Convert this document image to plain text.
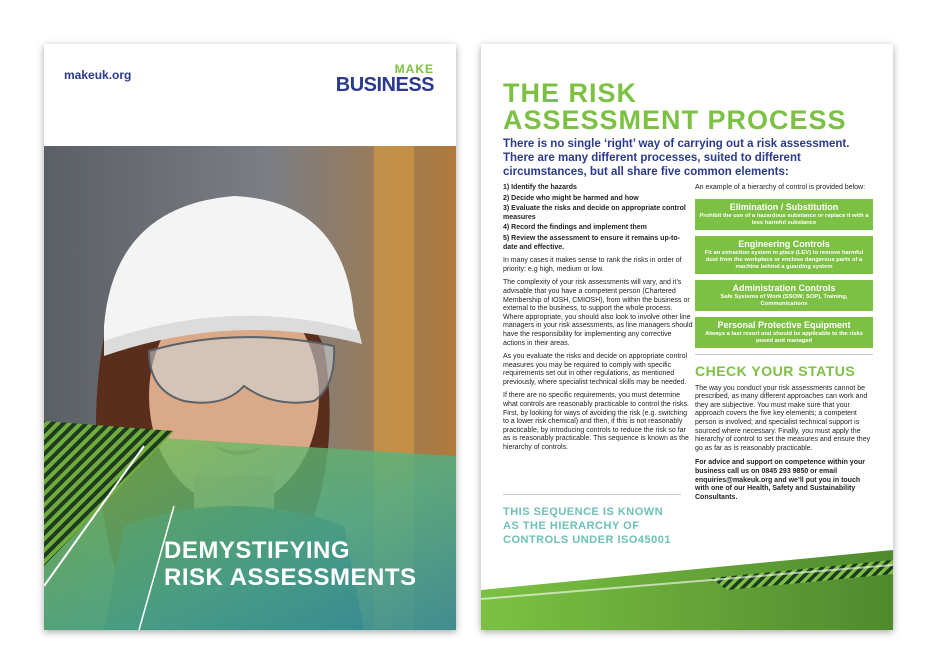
makeuk.org	MAKE
BUSINESS
DEMYSTIFYING
RISK ASSESSMENTS
THE RISK
ASSESSMENT PROCESS
There is no single ‘right’ way of carrying out a risk assessment. There are many different processes, suited to different circumstances, but all share five common elements:
1) Identify the hazards
2) Decide who might be harmed and how
3) Evaluate the risks and decide on appropriate control measures
4) Record the findings and implement them
5) Review the assessment to ensure it remains up-to-date and effective.

In many cases it makes sense to rank the risks in order of priority: e.g high, medium or low.

The complexity of your risk assessments will vary, and it’s advisable that you have a competent person (Chartered Membership of IOSH, CMIOSH), from within the business or external to the business, to support the whole process. Where appropriate, you should also look to involve other line managers in your risk assessments, as line managers should have the responsibility for implementing any corrective actions in their areas.

As you evaluate the risks and decide on appropriate control measures you may be required to comply with specific requirements set out in other regulations, as mentioned previously, where specialist technical skills may be needed.

If there are no specific requirements, you must determine what controls are reasonably practicable to control the risks. First, by looking for ways of avoiding the risk (e.g. switching to a lower risk chemical) and then, if this is not reasonably practicable, by introducing controls to reduce the risk so far as is reasonably practicable. This sequence is known as the hierarchy of controls.

THIS SEQUENCE IS KNOWN AS THE HIERARCHY OF CONTROLS UNDER ISO45001

An example of a hierarchy of control is provided below:

Elimination / Substitution
Prohibit the use of a hazardous substance or replace it with a less harmful substance
Engineering Controls
Fit an extraction system in place (LEV) to remove harmful dust from the workplace or enclose dangerous parts of a machine behind a guarding system
Administration Controls
Safe Systems of Work (SSOW; SOP), Training, Communications
Personal Protective Equipment
Always a last resort and should be applicable to the risks posed and managed
CHECK YOUR STATUS

The way you conduct your risk assessments cannot be prescribed, as many different approaches can work and they are subjective. You must make sure that your approach covers the five key elements; a competent person is involved; and specialist technical support is sourced where necessary. Finally, you must apply the hierarchy of control to set the measures and ensure they go as far as is reasonably practicable.

For advice and support on competence within your business call us on 0845 293 9850 or email enquiries@makeuk.org and we’ll put you in touch with one of our Health, Safety and Sustainability Consultants.
